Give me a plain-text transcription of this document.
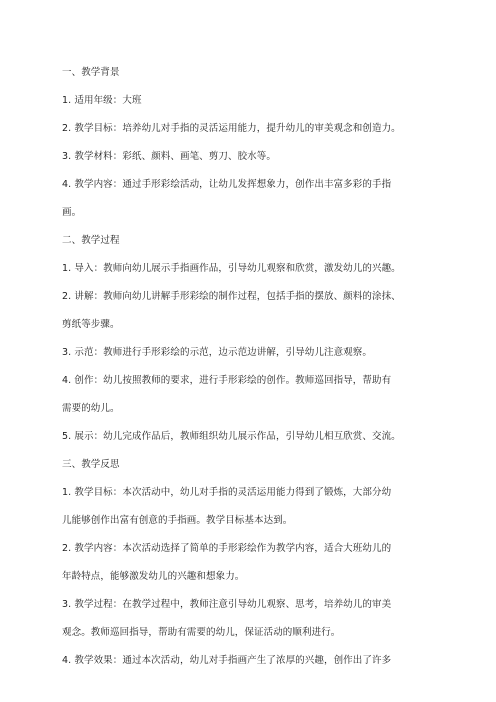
一、教学背景
1. 适用年级：大班
2. 教学目标：培养幼儿对手指的灵活运用能力，提升幼儿的审美观念和创造力。
3. 教学材料：彩纸、颜料、画笔、剪刀、胶水等。
4. 教学内容：通过手形彩绘活动，让幼儿发挥想象力，创作出丰富多彩的手指
画。
二、教学过程
1. 导入：教师向幼儿展示手指画作品，引导幼儿观察和欣赏，激发幼儿的兴趣。
2. 讲解：教师向幼儿讲解手形彩绘的制作过程，包括手指的摆放、颜料的涂抹、
剪纸等步骤。
3. 示范：教师进行手形彩绘的示范，边示范边讲解，引导幼儿注意观察。
4. 创作：幼儿按照教师的要求，进行手形彩绘的创作。教师巡回指导，帮助有
需要的幼儿。
5. 展示：幼儿完成作品后，教师组织幼儿展示作品，引导幼儿相互欣赏、交流。
三、教学反思
1. 教学目标：本次活动中，幼儿对手指的灵活运用能力得到了锻炼，大部分幼
儿能够创作出富有创意的手指画。教学目标基本达到。
2. 教学内容：本次活动选择了简单的手形彩绘作为教学内容，适合大班幼儿的
年龄特点，能够激发幼儿的兴趣和想象力。
3. 教学过程：在教学过程中，教师注意引导幼儿观察、思考，培养幼儿的审美
观念。教师巡回指导，帮助有需要的幼儿，保证活动的顺利进行。
4. 教学效果：通过本次活动，幼儿对手指画产生了浓厚的兴趣，创作出了许多
